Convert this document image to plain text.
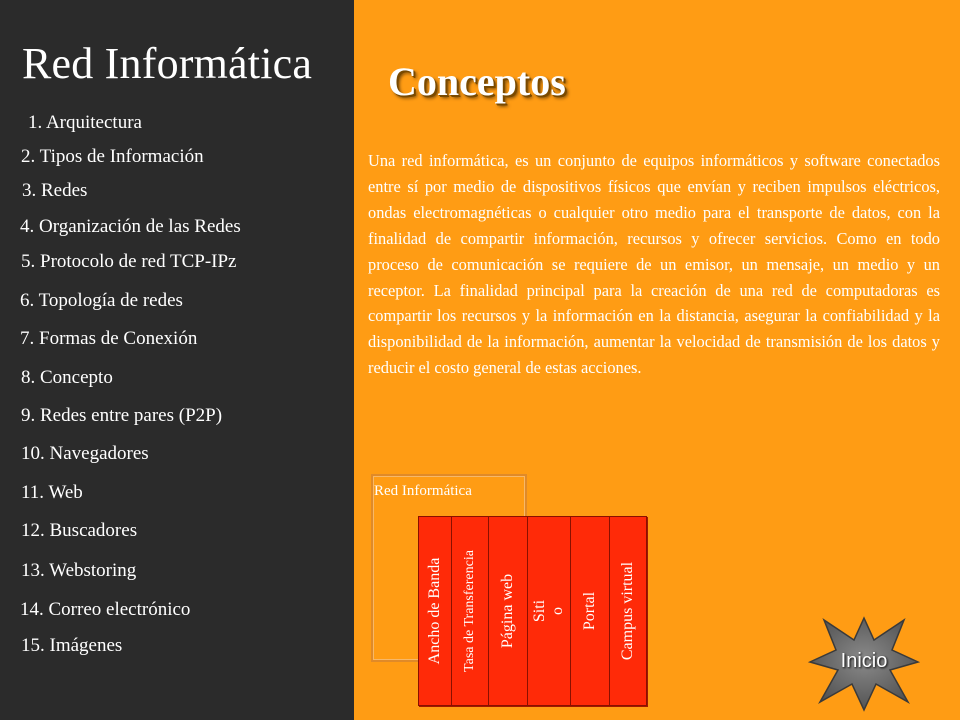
Red Informática
1. Arquitectura
2. Tipos de Información
3. Redes
4. Organización de las Redes
5. Protocolo de red TCP-IPz
6. Topología de redes
7. Formas de Conexión
8. Concepto
9. Redes entre pares (P2P)
10. Navegadores
11. Web
12. Buscadores
13. Webstoring
14. Correo electrónico
15. Imágenes
Conceptos
Una red informática, es un conjunto de equipos informáticos y software conectados entre sí por medio de dispositivos físicos que envían y reciben impulsos eléctricos, ondas electromagnéticas o cualquier otro medio para el transporte de datos, con la finalidad de compartir información, recursos y ofrecer servicios. Como en todo proceso de comunicación se requiere de un emisor, un mensaje, un medio y un receptor. La finalidad principal para la creación de una red de computadoras es compartir los recursos y la información en la distancia, asegurar la confiabilidad y la disponibilidad de la información, aumentar la velocidad de transmisión de los datos y reducir el costo general de estas acciones.
Red Informática
Ancho de Banda Tasa de Transferencia Página web Siti
o Portal Campus virtual
Inicio
